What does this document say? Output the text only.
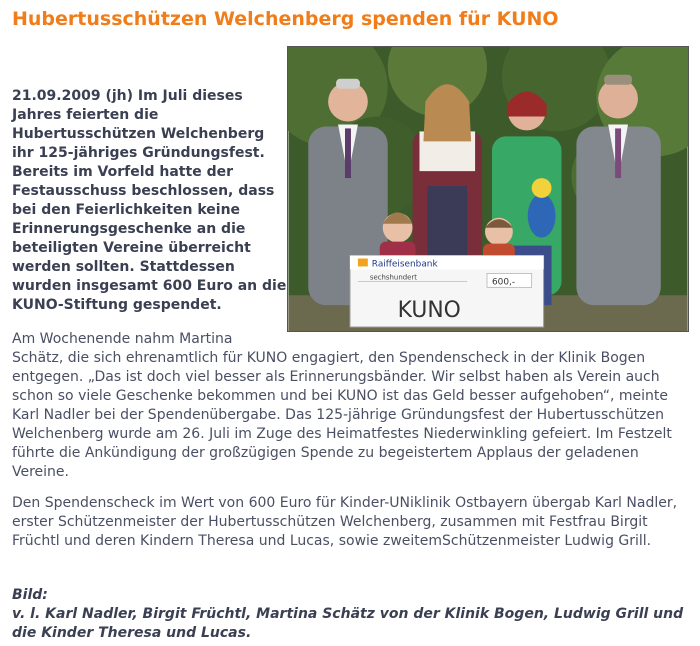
Hubertusschützen Welchenberg spenden für KUNO
Raiffeisenbank
sechshundert	600,-
KUNO

21.09.2009 (jh) Im Juli dieses Jahres feierten die Hubertusschützen Welchenberg ihr 125-jähriges Gründungsfest. Bereits im Vorfeld hatte der Festausschuss beschlossen, dass bei den Feierlichkeiten keine Erinnerungsgeschenke an die beteiligten Vereine überreicht werden sollten. Stattdessen wurden insgesamt 600 Euro an die KUNO-Stiftung gespendet.

Am Wochenende nahm Martina
Schätz, die sich ehrenamtlich für KUNO engagiert, den Spendenscheck in der Klinik Bogen entgegen. „Das ist doch viel besser als Erinnerungsbänder. Wir selbst haben als Verein auch schon so viele Geschenke bekommen und bei KUNO ist das Geld besser aufgehoben“, meinte Karl Nadler bei der Spendenübergabe. Das 125-jährige Gründungsfest der Hubertusschützen Welchenberg wurde am 26. Juli im Zuge des Heimatfestes Niederwinkling gefeiert. Im Festzelt führte die Ankündigung der großzügigen Spende zu begeistertem Applaus der geladenen Vereine.

Den Spendenscheck im Wert von 600 Euro für Kinder-UNiklinik Ostbayern übergab Karl Nadler, erster Schützenmeister der Hubertusschützen Welchenberg, zusammen mit Festfrau Birgit Früchtl und deren Kindern Theresa und Lucas, sowie zweitemSchützenmeister Ludwig Grill.

Bild:
v. l. Karl Nadler, Birgit Früchtl, Martina Schätz von der Klinik Bogen, Ludwig Grill und die Kinder Theresa und Lucas.
